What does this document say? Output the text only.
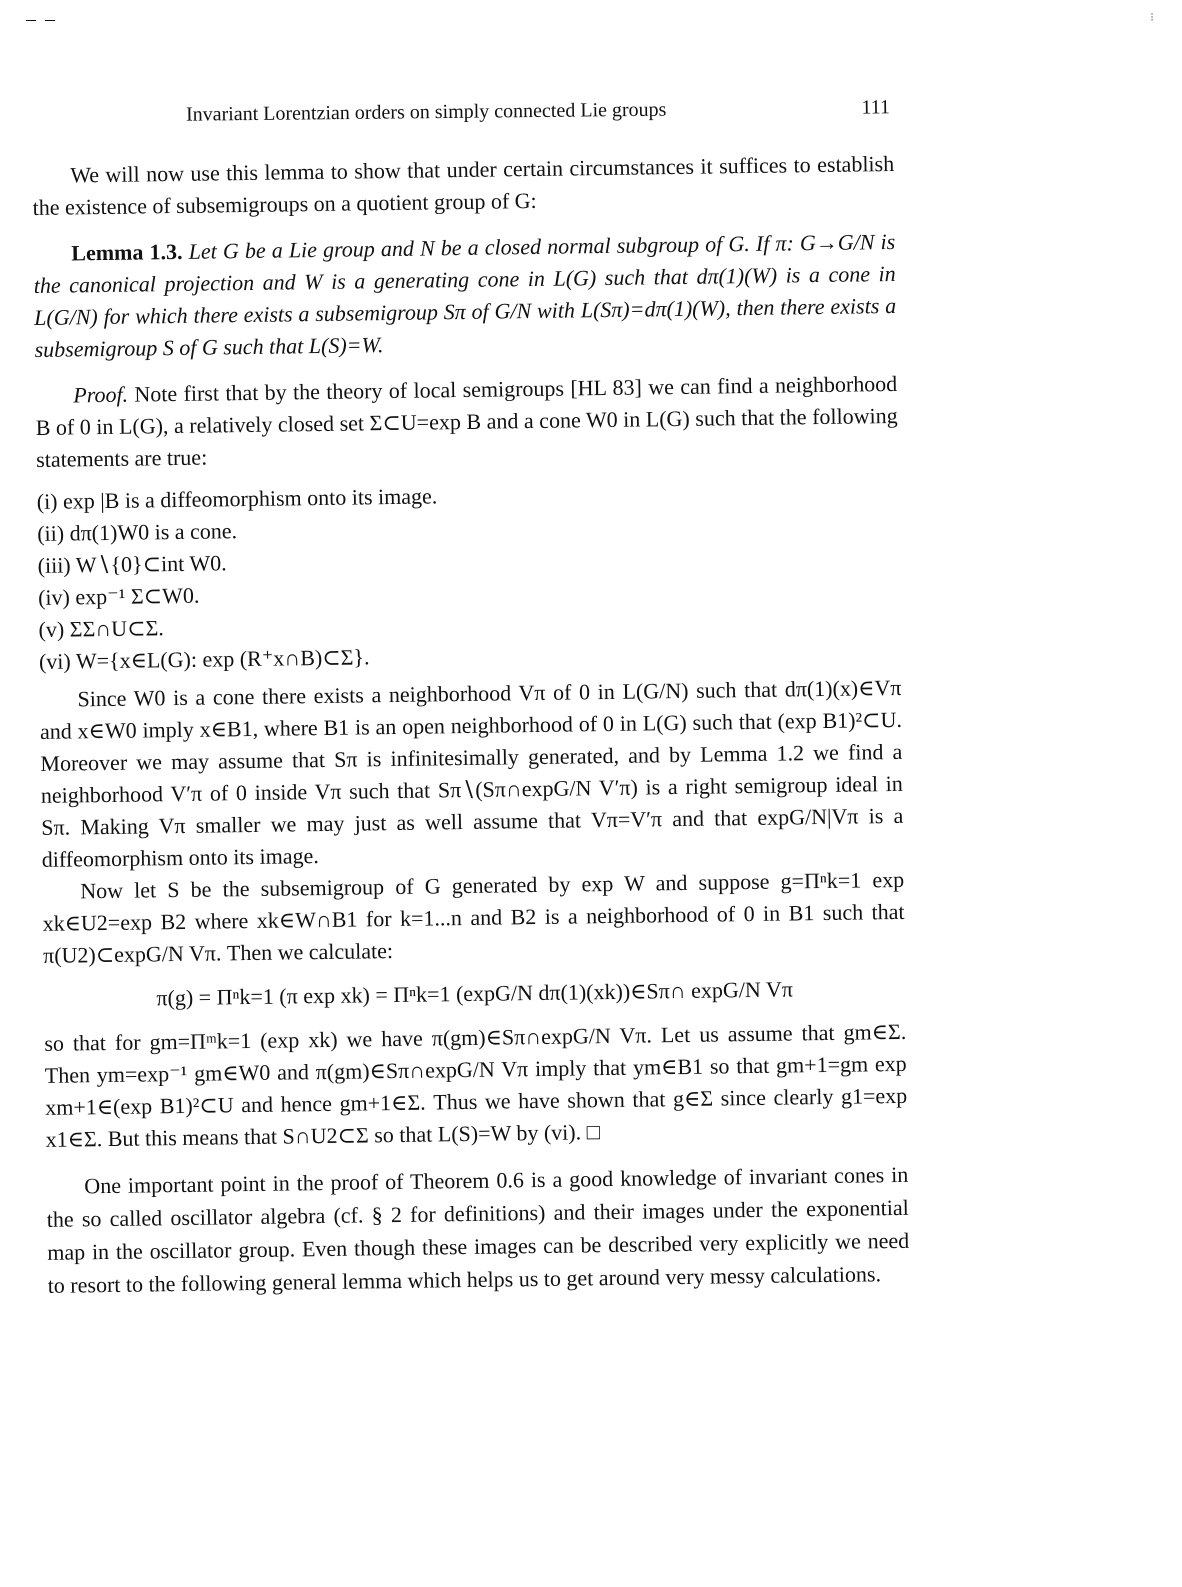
– –	⁝
Invariant Lorentzian orders on simply connected Lie groups	111

We will now use this lemma to show that under certain circumstances it suffices to establish the existence of subsemigroups on a quotient group of G:

Lemma 1.3. Let G be a Lie group and N be a closed normal subgroup of G. If π: G→G/N is the canonical projection and W is a generating cone in L(G) such that dπ(1)(W) is a cone in L(G/N) for which there exists a subsemigroup Sπ of G/N with L(Sπ)=dπ(1)(W), then there exists a subsemigroup S of G such that L(S)=W.

Proof. Note first that by the theory of local semigroups [HL 83] we can find a neighborhood B of 0 in L(G), a relatively closed set Σ⊂U=exp B and a cone W0 in L(G) such that the following statements are true:

(i) exp |B is a diffeomorphism onto its image.
(ii) dπ(1)W0 is a cone.
(iii) W∖{0}⊂int W0.
(iv) exp⁻¹ Σ⊂W0.
(v) ΣΣ∩U⊂Σ.
(vi) W={x∈L(G): exp (R⁺x∩B)⊂Σ}.

Since W0 is a cone there exists a neighborhood Vπ of 0 in L(G/N) such that dπ(1)(x)∈Vπ and x∈W0 imply x∈B1, where B1 is an open neighborhood of 0 in L(G) such that (exp B1)²⊂U. Moreover we may assume that Sπ is infinitesimally generated, and by Lemma 1.2 we find a neighborhood V′π of 0 inside Vπ such that Sπ∖(Sπ∩expG/N V′π) is a right semigroup ideal in Sπ. Making Vπ smaller we may just as well assume that Vπ=V′π and that expG/N|Vπ is a diffeomorphism onto its image.

Now let S be the subsemigroup of G generated by exp W and suppose g=Πⁿk=1 exp xk∈U2=exp B2 where xk∈W∩B1 for k=1...n and B2 is a neighborhood of 0 in B1 such that π(U2)⊂expG/N Vπ. Then we calculate:

π(g) = Πⁿk=1 (π exp xk) = Πⁿk=1 (expG/N dπ(1)(xk))∈Sπ∩ expG/N Vπ

so that for gm=Πᵐk=1 (exp xk) we have π(gm)∈Sπ∩expG/N Vπ. Let us assume that gm∈Σ. Then ym=exp⁻¹ gm∈W0 and π(gm)∈Sπ∩expG/N Vπ imply that ym∈B1 so that gm+1=gm exp xm+1∈(exp B1)²⊂U and hence gm+1∈Σ. Thus we have shown that g∈Σ since clearly g1=exp x1∈Σ. But this means that S∩U2⊂Σ so that L(S)=W by (vi). □

One important point in the proof of Theorem 0.6 is a good knowledge of invariant cones in the so called oscillator algebra (cf. § 2 for definitions) and their images under the exponential map in the oscillator group. Even though these images can be described very explicitly we need to resort to the following general lemma which helps us to get around very messy calculations.
